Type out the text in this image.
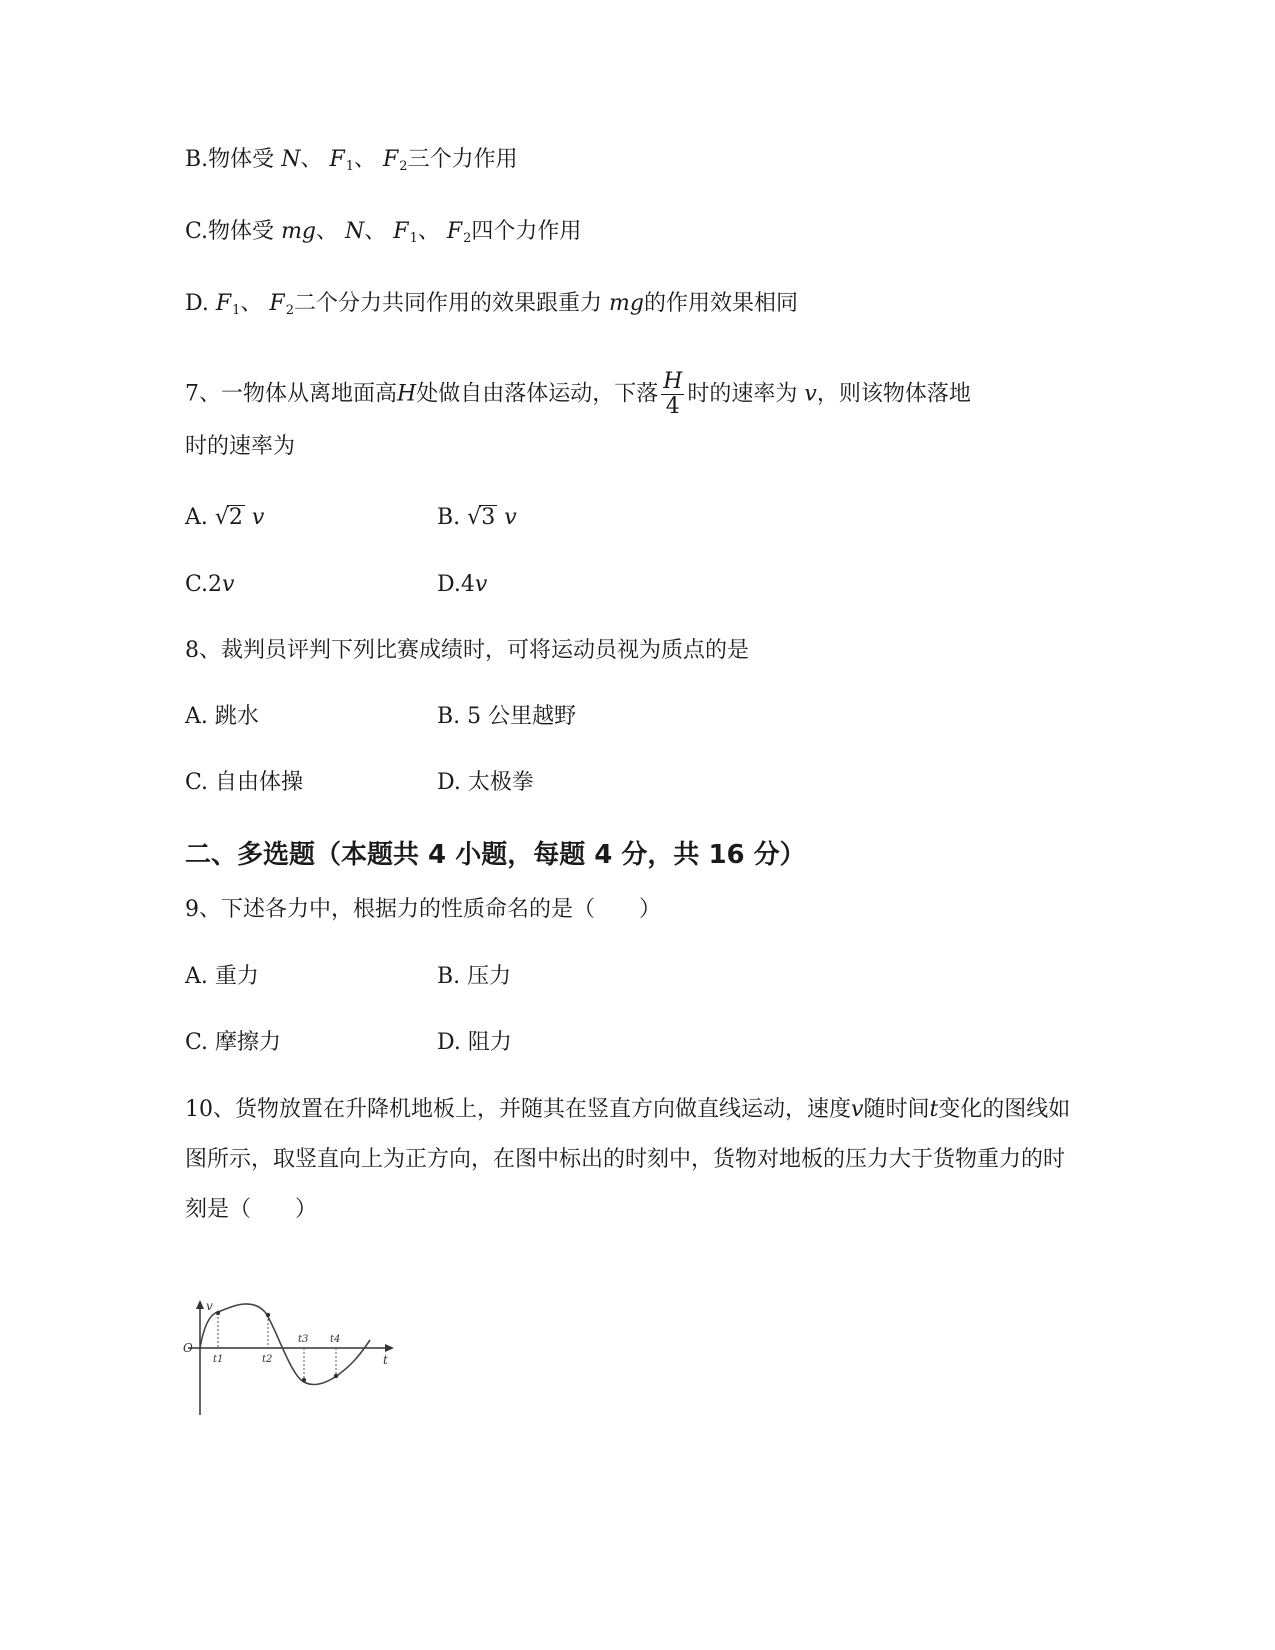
B.物体受 N、 $F_1$、 $F_2$三个力作用
C.物体受 mg、 N、 $F_1$、 $F_2$四个力作用
D. $F_1$、 $F_2$二个分力共同作用的效果跟重力 mg的作用效果相同
7、一物体从离地面高H处做自由落体运动，下落 $\frac{H}{4}$ 时的速率为 v，则该物体落地
时的速率为
A. √2 v	B. √3 v
C.2v	D.4v
8、裁判员评判下列比赛成绩时，可将运动员视为质点的是
A. 跳水	B. 5 公里越野
C. 自由体操	D. 太极拳
二、多选题（本题共 4 小题，每题 4 分，共 16 分）
9、下述各力中，根据力的性质命名的是（　　）
A. 重力	B. 压力
C. 摩擦力	D. 阻力
10、货物放置在升降机地板上，并随其在竖直方向做直线运动，速度v随时间t变化的图线如图所示，取竖直向上为正方向，在图中标出的时刻中，货物对地板的压力大于货物重力的时刻是（　　）
v
t
O
t1	t2
t3 t4
